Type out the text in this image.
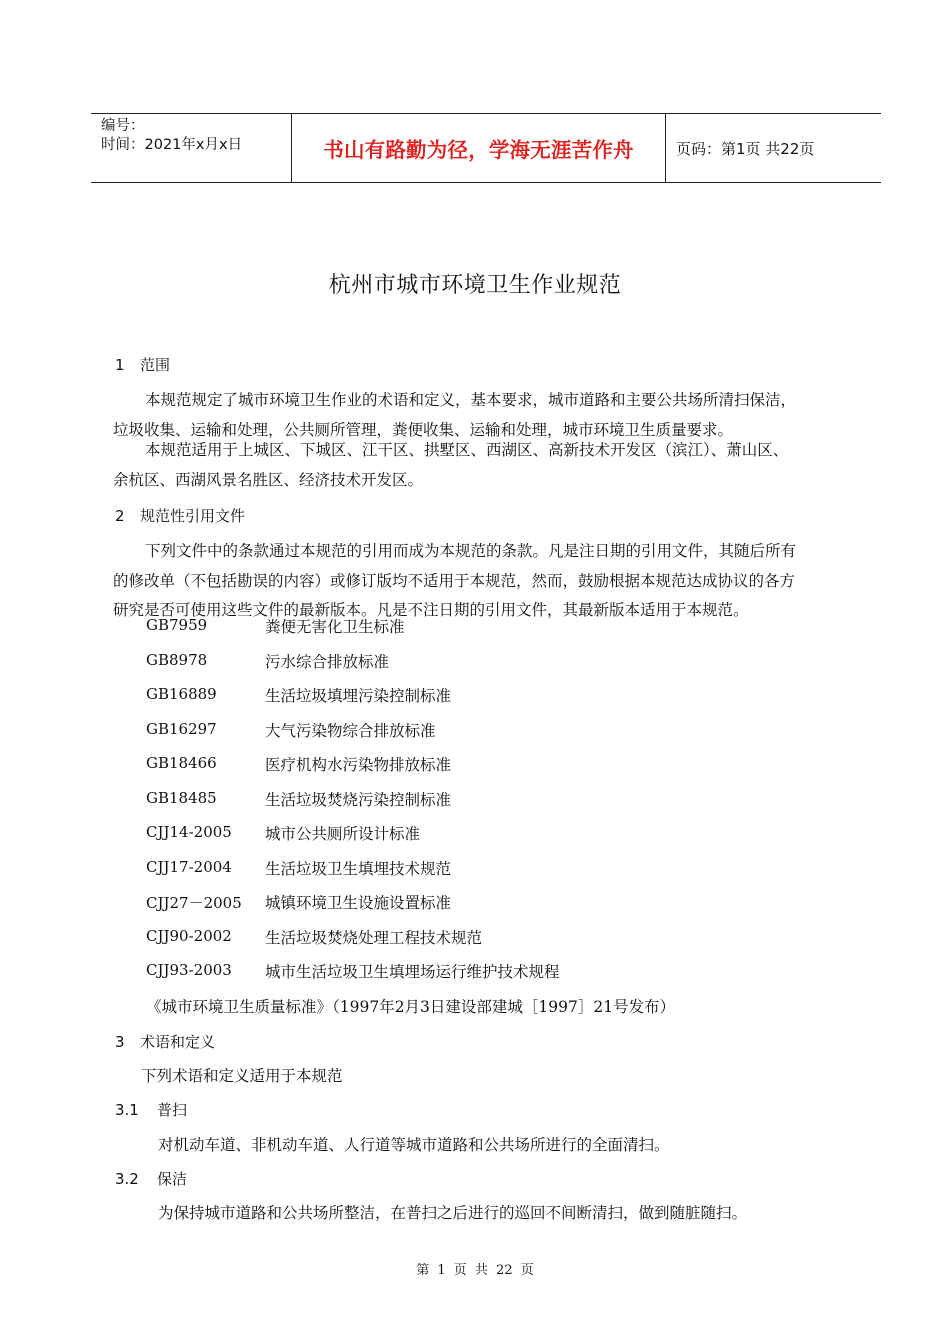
编号：
时间：2021年x月x日	书山有路勤为径，学海无涯苦作舟	页码：第1页 共22页
杭州市城市环境卫生作业规范
1 范围
本规范规定了城市环境卫生作业的术语和定义，基本要求，城市道路和主要公共场所清扫保洁，
垃圾收集、运输和处理，公共厕所管理，粪便收集、运输和处理，城市环境卫生质量要求。
本规范适用于上城区、下城区、江干区、拱墅区、西湖区、高新技术开发区（滨江）、萧山区、
余杭区、西湖风景名胜区、经济技术开发区。
2 规范性引用文件
下列文件中的条款通过本规范的引用而成为本规范的条款。凡是注日期的引用文件，其随后所有
的修改单（不包括勘误的内容）或修订版均不适用于本规范，然而，鼓励根据本规范达成协议的各方
研究是否可使用这些文件的最新版本。凡是不注日期的引用文件，其最新版本适用于本规范。
GB7959	粪便无害化卫生标准
GB8978	污水综合排放标准
GB16889	生活垃圾填埋污染控制标准
GB16297	大气污染物综合排放标准
GB18466	医疗机构水污染物排放标准
GB18485	生活垃圾焚烧污染控制标准
CJJ14-2005 城市公共厕所设计标准
CJJ17-2004 生活垃圾卫生填埋技术规范
CJJ27－2005 城镇环境卫生设施设置标准
CJJ90-2002 生活垃圾焚烧处理工程技术规范
CJJ93-2003 城市生活垃圾卫生填埋场运行维护技术规程
《城市环境卫生质量标准》（1997年2月3日建设部建城［1997］21号发布）
3 术语和定义
下列术语和定义适用于本规范
3.1 普扫
对机动车道、非机动车道、人行道等城市道路和公共场所进行的全面清扫。
3.2 保洁
为保持城市道路和公共场所整洁，在普扫之后进行的巡回不间断清扫，做到随脏随扫。
第 1 页 共 22 页
